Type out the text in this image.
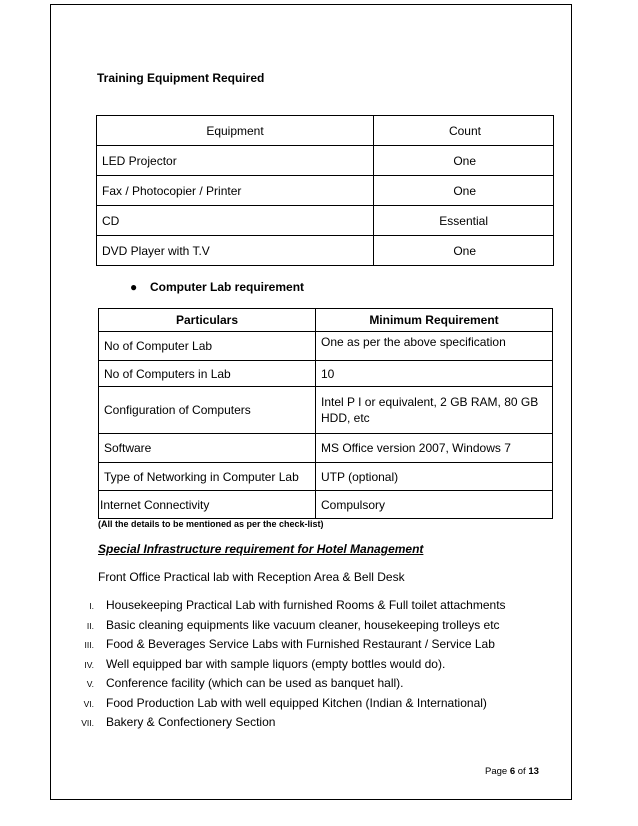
Training Equipment Required
Equipment	Count
LED Projector	One
Fax / Photocopier / Printer	One
CD	Essential
DVD Player with T.V	One
● Computer Lab requirement
Particulars	Minimum Requirement
No of Computer Lab	One as per the above specification
No of Computers in Lab	10
Configuration of Computers	Intel P I or equivalent, 2 GB RAM, 80 GB HDD, etc
Software	MS Office version 2007, Windows 7
Type of Networking in Computer Lab	UTP (optional)
Internet Connectivity	Compulsory
(All the details to be mentioned as per the check-list)
Special Infrastructure requirement for Hotel Management
Front Office Practical lab with Reception Area & Bell Desk
I. Housekeeping Practical Lab with furnished Rooms & Full toilet attachments
II. Basic cleaning equipments like vacuum cleaner, housekeeping trolleys etc
III. Food & Beverages Service Labs with Furnished Restaurant / Service Lab
IV. Well equipped bar with sample liquors (empty bottles would do).
V. Conference facility (which can be used as banquet hall).
VI. Food Production Lab with well equipped Kitchen (Indian & International)
VII. Bakery & Confectionery Section
Page 6 of 13
